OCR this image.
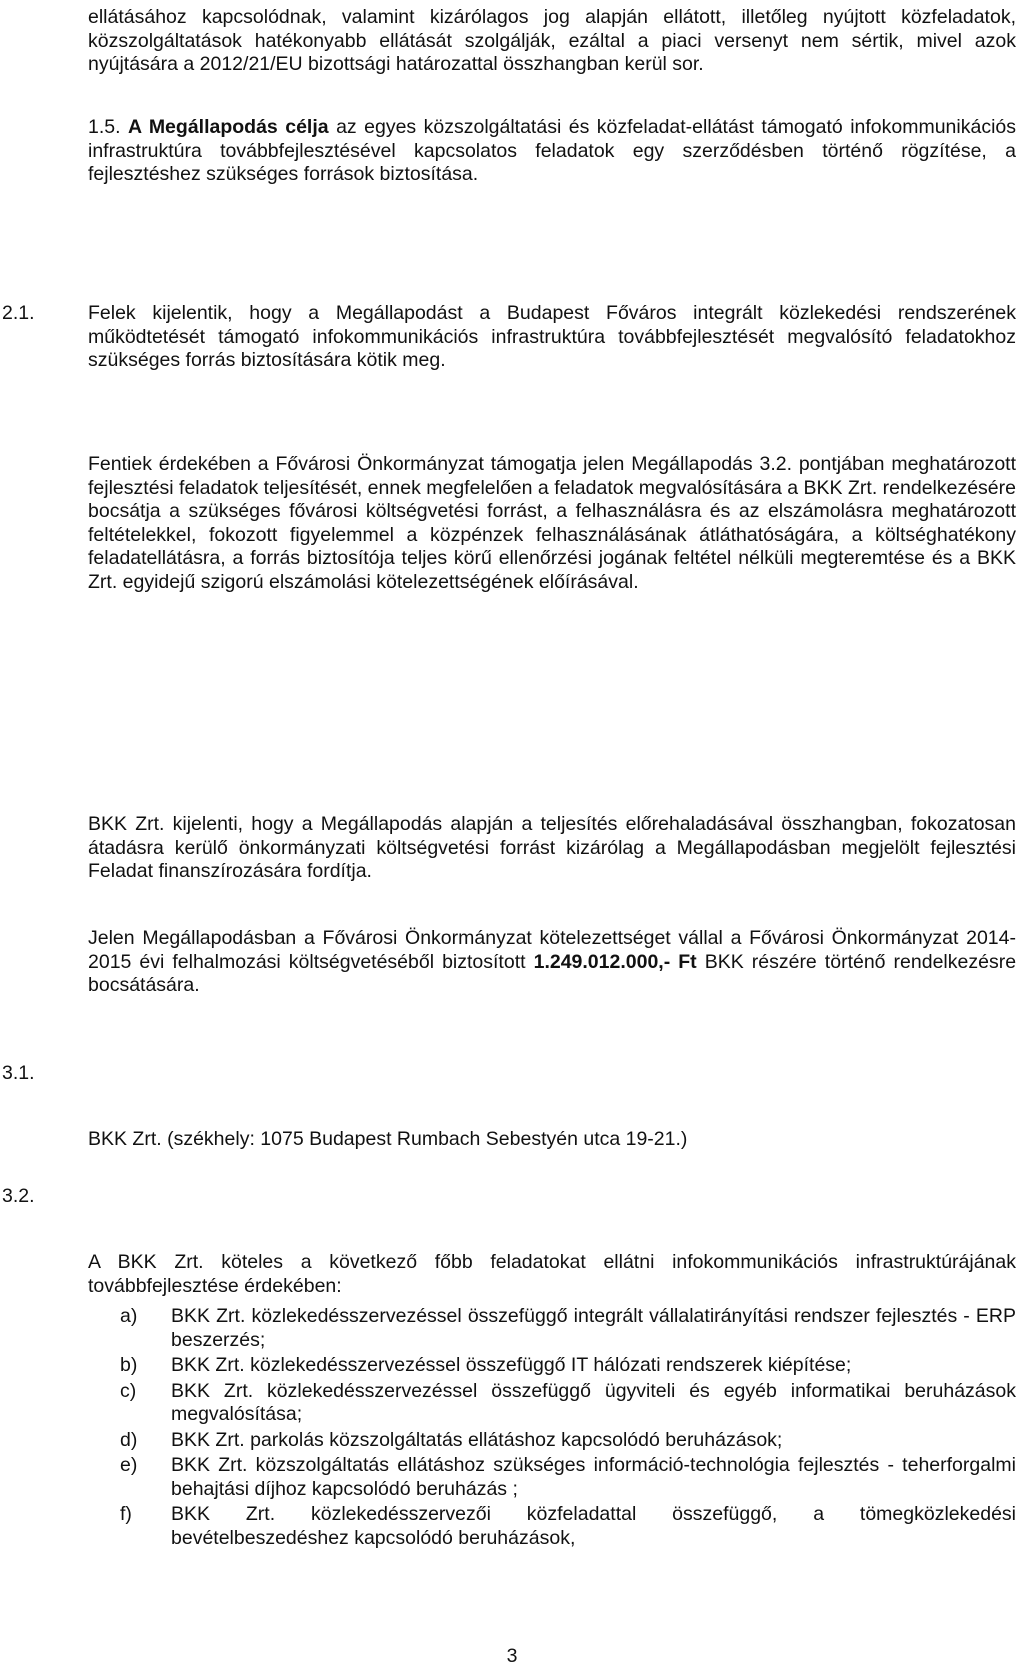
ellátásához kapcsolódnak, valamint kizárólagos jog alapján ellátott, illetőleg nyújtott közfeladatok, közszolgáltatások hatékonyabb ellátását szolgálják, ezáltal a piaci versenyt nem sértik, mivel azok nyújtására a 2012/21/EU bizottsági határozattal összhangban kerül sor.
1.5. A Megállapodás célja az egyes közszolgáltatási és közfeladat-ellátást támogató infokommunikációs infrastruktúra továbbfejlesztésével kapcsolatos feladatok egy szerződésben történő rögzítése, a fejlesztéshez szükséges források biztosítása.
2.1.	Felek kijelentik, hogy a Megállapodást a Budapest Főváros integrált közlekedési rendszerének működtetését támogató infokommunikációs infrastruktúra továbbfejlesztését megvalósító feladatokhoz szükséges forrás biztosítására kötik meg.
Fentiek érdekében a Fővárosi Önkormányzat támogatja jelen Megállapodás 3.2. pontjában meghatározott fejlesztési feladatok teljesítését, ennek megfelelően a feladatok megvalósítására a BKK Zrt. rendelkezésére bocsátja a szükséges fővárosi költségvetési forrást, a felhasználásra és az elszámolásra meghatározott feltételekkel, fokozott figyelemmel a közpénzek felhasználásának átláthatóságára, a költséghatékony feladatellátásra, a forrás biztosítója teljes körű ellenőrzési jogának feltétel nélküli megteremtése és a BKK Zrt. egyidejű szigorú elszámolási kötelezettségének előírásával.
BKK Zrt. kijelenti, hogy a Megállapodás alapján a teljesítés előrehaladásával összhangban, fokozatosan átadásra kerülő önkormányzati költségvetési forrást kizárólag a Megállapodásban megjelölt fejlesztési Feladat finanszírozására fordítja.
Jelen Megállapodásban a Fővárosi Önkormányzat kötelezettséget vállal a Fővárosi Önkormányzat 2014-2015 évi felhalmozási költségvetéséből biztosított 1.249.012.000,- Ft BKK részére történő rendelkezésre bocsátására.
3.1.
BKK Zrt. (székhely: 1075 Budapest Rumbach Sebestyén utca 19-21.)
3.2.
A BKK Zrt. köteles a következő főbb feladatokat ellátni infokommunikációs infrastruktúrájának továbbfejlesztése érdekében:
a) BKK Zrt. közlekedésszervezéssel összefüggő integrált vállalatirányítási rendszer fejlesztés - ERP beszerzés;
b) BKK Zrt. közlekedésszervezéssel összefüggő IT hálózati rendszerek kiépítése;
c) BKK Zrt. közlekedésszervezéssel összefüggő ügyviteli és egyéb informatikai beruházások megvalósítása;
d) BKK Zrt. parkolás közszolgáltatás ellátáshoz kapcsolódó beruházások;
e) BKK Zrt. közszolgáltatás ellátáshoz szükséges információ-technológia fejlesztés - teherforgalmi behajtási díjhoz kapcsolódó beruházás ;
f) BKK Zrt. közlekedésszervezői közfeladattal összefüggő, a tömegközlekedési bevételbeszedéshez kapcsolódó beruházások,
3
